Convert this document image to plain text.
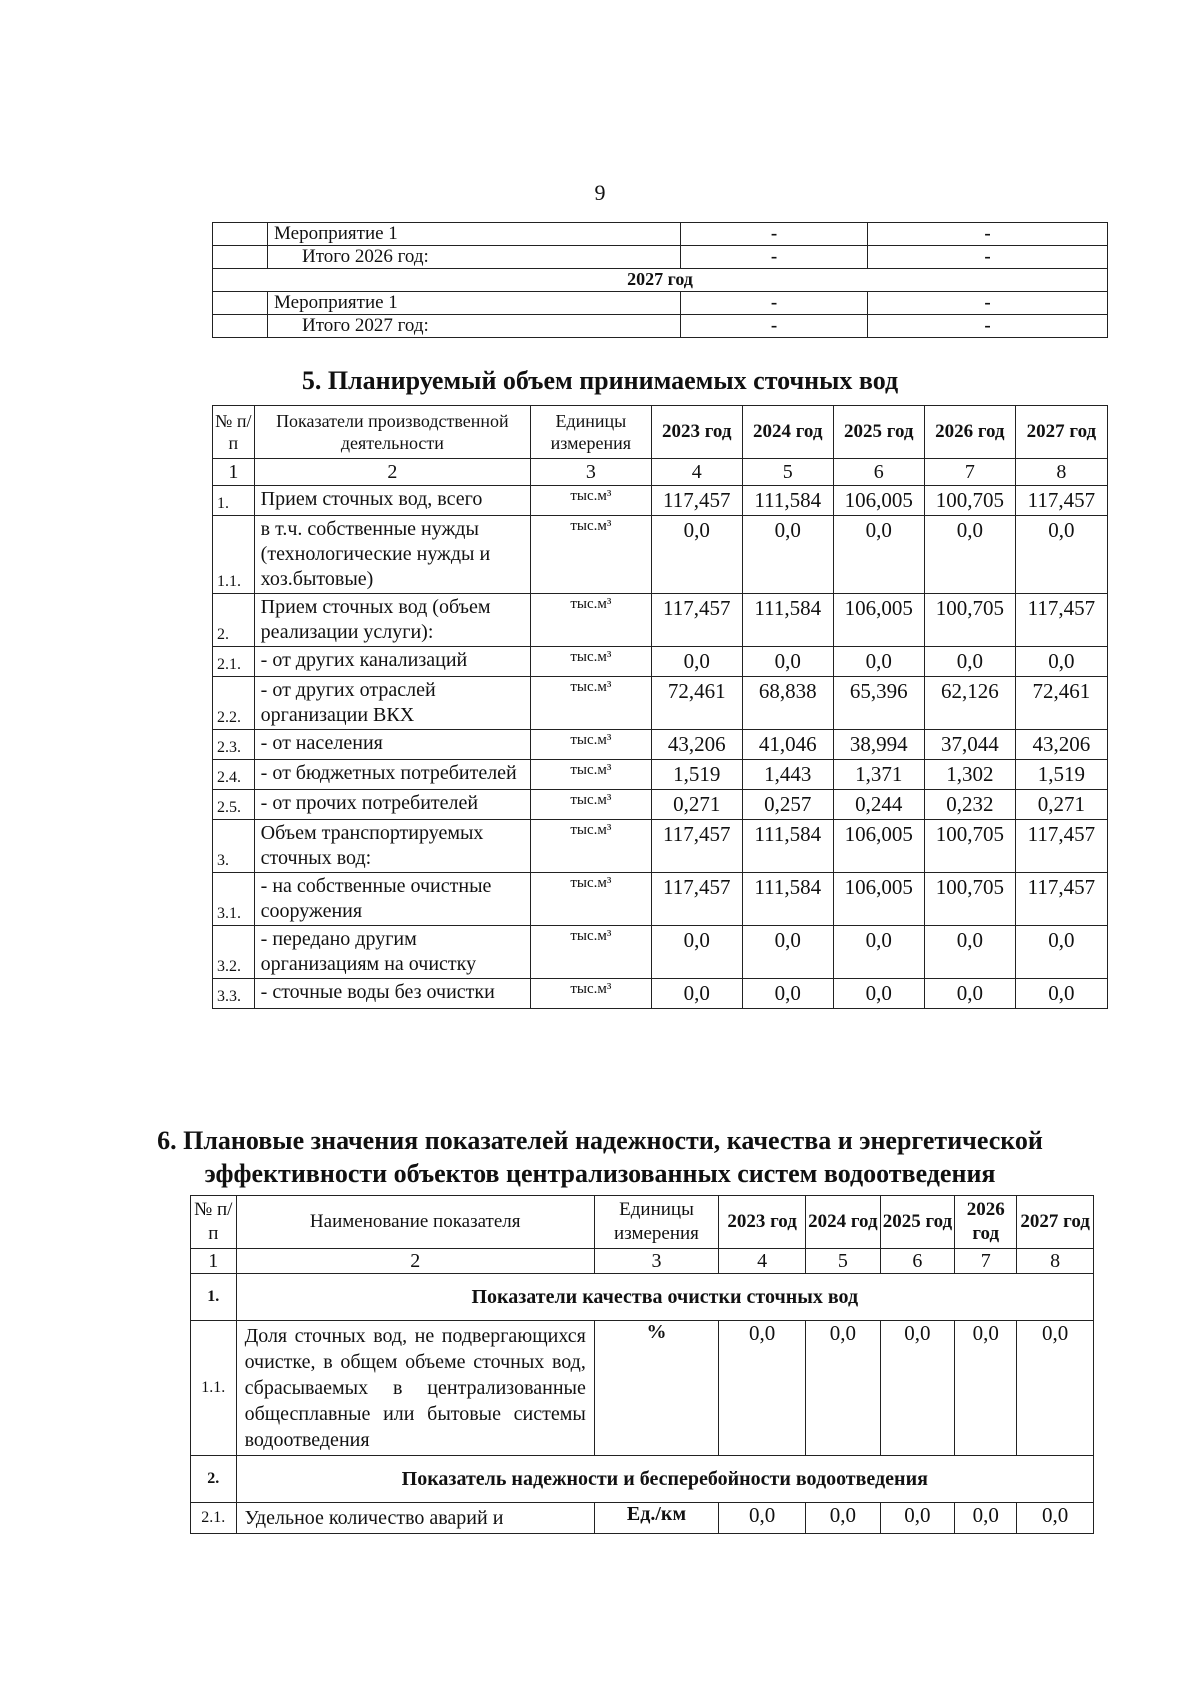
9
	Мероприятие 1	-	-
	Итого 2026 год:	-	-
2027 год			
	Мероприятие 1	-	-
	Итого 2027 год:	-	-
5. Планируемый объем принимаемых сточных вод
№ п/п	Показатели производственной деятельности	Единицы измерения	2023 год	2024 год	2025 год	2026 год	2027 год
1	2	3	4	5	6	7	8
1.	Прием сточных вод, всего	тыс.м³	117,457	111,584	106,005	100,705	117,457
1.1.	в т.ч. собственные нужды (технологические нужды и хоз.бытовые)	тыс.м³	0,0	0,0	0,0	0,0	0,0
2.	Прием сточных вод (объем реализации услуги):	тыс.м³	117,457	111,584	106,005	100,705	117,457
2.1.	- от других канализаций	тыс.м³	0,0	0,0	0,0	0,0	0,0
2.2.	- от других отраслей организации ВКХ	тыс.м³	72,461	68,838	65,396	62,126	72,461
2.3.	- от населения	тыс.м³	43,206	41,046	38,994	37,044	43,206
2.4.	- от бюджетных потребителей	тыс.м³	1,519	1,443	1,371	1,302	1,519
2.5.	- от прочих потребителей	тыс.м³	0,271	0,257	0,244	0,232	0,271
3.	Объем транспортируемых сточных вод:	тыс.м³	117,457	111,584	106,005	100,705	117,457
3.1.	- на собственные очистные сооружения	тыс.м³	117,457	111,584	106,005	100,705	117,457
3.2.	- передано другим организациям на очистку	тыс.м³	0,0	0,0	0,0	0,0	0,0
3.3.	- сточные воды без очистки	тыс.м³	0,0	0,0	0,0	0,0	0,0
6. Плановые значения показателей надежности, качества и энергетической
эффективности объектов централизованных систем водоотведения
№ п/п	Наименование показателя	Единицы измерения	2023 год	2024 год	2025 год	2026 год	2027 год
1	2	3	4	5	6	7	8
1.	Показатели качества очистки сточных вод						
1.1.	Доля сточных вод, не подвергающихся очистке, в общем объеме сточных вод, сбрасываемых в централизованные общесплавные или бытовые системы водоотведения	%	0,0	0,0	0,0	0,0	0,0
2.	Показатель надежности и бесперебойности водоотведения						
2.1.	Удельное количество аварий и	Ед./км	0,0	0,0	0,0	0,0	0,0
